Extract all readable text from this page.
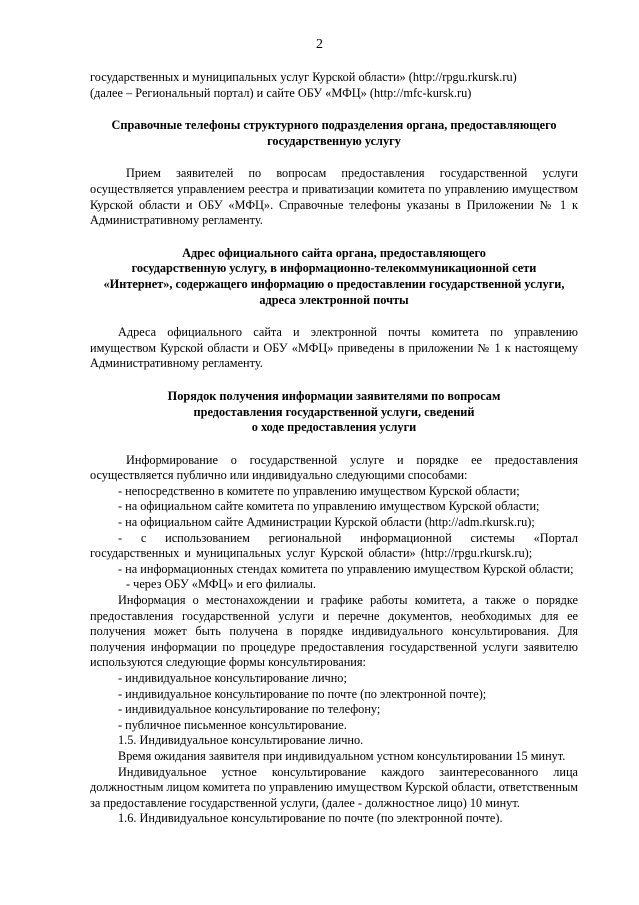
2

государственных и муниципальных услуг Курской области» (http://rpgu.rkursk.ru)

(далее – Региональный портал) и сайте ОБУ «МФЦ» (http://mfc-kursk.ru)

Справочные телефоны структурного подразделения органа, предоставляющего
государственную услугу

Прием заявителей по вопросам предоставления государственной услуги осуществляется управлением реестра и приватизации комитета по управлению имуществом Курской области и ОБУ «МФЦ». Справочные телефоны указаны в Приложении № 1 к Административному регламенту.

Адрес официального сайта органа, предоставляющего
государственную услугу, в информационно-телекоммуникационной сети
«Интернет», содержащего информацию о предоставлении государственной услуги,
адреса электронной почты

Адреса официального сайта и электронной почты комитета по управлению имуществом Курской области и ОБУ «МФЦ» приведены в приложении № 1 к настоящему Административному регламенту.

Порядок получения информации заявителями по вопросам
предоставления государственной услуги, сведений
о ходе предоставления услуги

Информирование о государственной услуге и порядке ее предоставления осуществляется публично или индивидуально следующими способами:

- непосредственно в комитете по управлению имуществом Курской области;

- на официальном сайте комитета по управлению имуществом Курской области;

- на официальном сайте Администрации Курской области (http://adm.rkursk.ru);

- с использованием региональной информационной системы «Портал государственных и муниципальных услуг Курской области» (http://rpgu.rkursk.ru);

- на информационных стендах комитета по управлению имуществом Курской области;

- через ОБУ «МФЦ» и его филиалы.

Информация о местонахождении и графике работы комитета, а также о порядке предоставления государственной услуги и перечне документов, необходимых для ее получения может быть получена в порядке индивидуального консультирования. Для получения информации по процедуре предоставления государственной услуги заявителю используются следующие формы консультирования:

- индивидуальное консультирование лично;

- индивидуальное консультирование по почте (по электронной почте);

- индивидуальное консультирование по телефону;

- публичное письменное консультирование.

1.5. Индивидуальное консультирование лично.

Время ожидания заявителя при индивидуальном устном консультировании 15 минут.

Индивидуальное устное консультирование каждого заинтересованного лица должностным лицом комитета по управлению имуществом Курской области, ответственным за предоставление государственной услуги, (далее - должностное лицо) 10 минут.

1.6. Индивидуальное консультирование по почте (по электронной почте).
